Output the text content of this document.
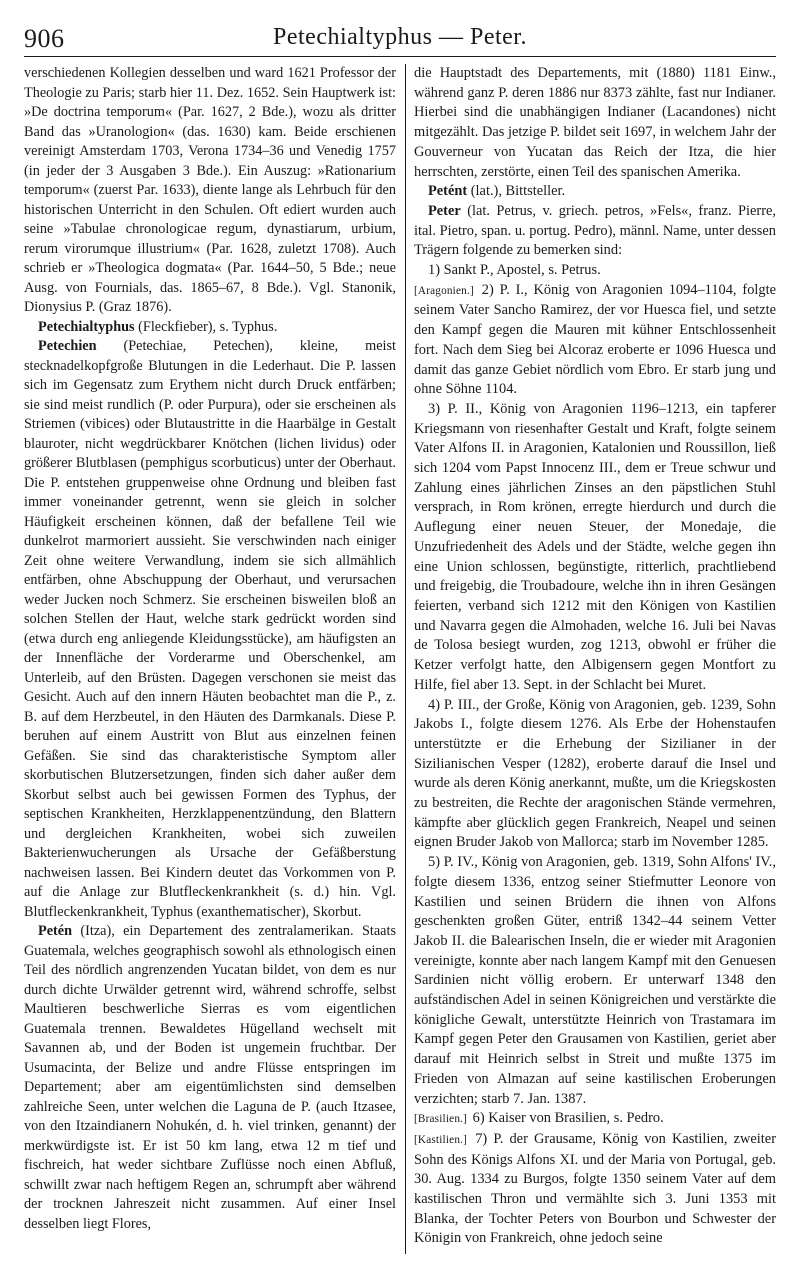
906	Petechialtyphus — Peter.

verschiedenen Kollegien desselben und ward 1621 Professor der Theologie zu Paris; starb hier 11. Dez. 1652. Sein Hauptwerk ist: »De doctrina temporum« (Par. 1627, 2 Bde.), wozu als dritter Band das »Uranologion« (das. 1630) kam. Beide erschienen vereinigt Amsterdam 1703, Verona 1734–36 und Venedig 1757 (in jeder der 3 Ausgaben 3 Bde.). Ein Auszug: »Rationarium temporum« (zuerst Par. 1633), diente lange als Lehrbuch für den historischen Unterricht in den Schulen. Oft ediert wurden auch seine »Tabulae chronologicae regum, dynastiarum, urbium, rerum virorumque illustrium« (Par. 1628, zuletzt 1708). Auch schrieb er »Theologica dogmata« (Par. 1644–50, 5 Bde.; neue Ausg. von Fournials, das. 1865–67, 8 Bde.). Vgl. Stanonik, Dionysius P. (Graz 1876).

Petechialtyphus (Fleckfieber), s. Typhus.

Petechien (Petechiae, Petechen), kleine, meist stecknadelkopfgroße Blutungen in die Lederhaut. Die P. lassen sich im Gegensatz zum Erythem nicht durch Druck entfärben; sie sind meist rundlich (P. oder Purpura), oder sie erscheinen als Striemen (vibices) oder Blutaustritte in die Haarbälge in Gestalt blauroter, nicht wegdrückbarer Knötchen (lichen lividus) oder größerer Blutblasen (pemphigus scorbuticus) unter der Oberhaut. Die P. entstehen gruppenweise ohne Ordnung und bleiben fast immer voneinander getrennt, wenn sie gleich in solcher Häufigkeit erscheinen können, daß der befallene Teil wie dunkelrot marmoriert aussieht. Sie verschwinden nach einiger Zeit ohne weitere Verwandlung, indem sie sich allmählich entfärben, ohne Abschuppung der Oberhaut, und verursachen weder Jucken noch Schmerz. Sie erscheinen bisweilen bloß an solchen Stellen der Haut, welche stark gedrückt worden sind (etwa durch eng anliegende Kleidungsstücke), am häufigsten an der Innenfläche der Vorderarme und Oberschenkel, am Unterleib, auf den Brüsten. Dagegen verschonen sie meist das Gesicht. Auch auf den innern Häuten beobachtet man die P., z. B. auf dem Herzbeutel, in den Häuten des Darmkanals. Diese P. beruhen auf einem Austritt von Blut aus einzelnen feinen Gefäßen. Sie sind das charakteristische Symptom aller skorbutischen Blutzersetzungen, finden sich daher außer dem Skorbut selbst auch bei gewissen Formen des Typhus, der septischen Krankheiten, Herzklappenentzündung, den Blattern und dergleichen Krankheiten, wobei sich zuweilen Bakterienwucherungen als Ursache der Gefäßberstung nachweisen lassen. Bei Kindern deutet das Vorkommen von P. auf die Anlage zur Blutfleckenkrankheit (s. d.) hin. Vgl. Blutfleckenkrankheit, Typhus (exanthematischer), Skorbut.

Petén (Itza), ein Departement des zentralamerikan. Staats Guatemala, welches geographisch sowohl als ethnologisch einen Teil des nördlich angrenzenden Yucatan bildet, von dem es nur durch dichte Urwälder getrennt wird, während schroffe, selbst Maultieren beschwerliche Sierras es vom eigentlichen Guatemala trennen. Bewaldetes Hügelland wechselt mit Savannen ab, und der Boden ist ungemein fruchtbar. Der Usumacinta, der Belize und andre Flüsse entspringen im Departement; aber am eigentümlichsten sind demselben zahlreiche Seen, unter welchen die Laguna de P. (auch Itzasee, von den Itzaindianern Nohukén, d. h. viel trinken, genannt) der merkwürdigste ist. Er ist 50 km lang, etwa 12 m tief und fischreich, hat weder sichtbare Zuflüsse noch einen Abfluß, schwillt zwar nach heftigem Regen an, schrumpft aber während der trocknen Jahreszeit nicht zusammen. Auf einer Insel desselben liegt Flores,

die Hauptstadt des Departements, mit (1880) 1181 Einw., während ganz P. deren 1886 nur 8373 zählte, fast nur Indianer. Hierbei sind die unabhängigen Indianer (Lacandones) nicht mitgezählt. Das jetzige P. bildet seit 1697, in welchem Jahr der Gouverneur von Yucatan das Reich der Itza, die hier herrschten, zerstörte, einen Teil des spanischen Amerika.

Petént (lat.), Bittsteller.

Peter (lat. Petrus, v. griech. petros, »Fels«, franz. Pierre, ital. Pietro, span. u. portug. Pedro), männl. Name, unter dessen Trägern folgende zu bemerken sind:

1) Sankt P., Apostel, s. Petrus.

[Aragonien.] 2) P. I., König von Aragonien 1094–1104, folgte seinem Vater Sancho Ramirez, der vor Huesca fiel, und setzte den Kampf gegen die Mauren mit kühner Entschlossenheit fort. Nach dem Sieg bei Alcoraz eroberte er 1096 Huesca und damit das ganze Gebiet nördlich vom Ebro. Er starb jung und ohne Söhne 1104.

3) P. II., König von Aragonien 1196–1213, ein tapferer Kriegsmann von riesenhafter Gestalt und Kraft, folgte seinem Vater Alfons II. in Aragonien, Katalonien und Roussillon, ließ sich 1204 vom Papst Innocenz III., dem er Treue schwur und Zahlung eines jährlichen Zinses an den päpstlichen Stuhl versprach, in Rom krönen, erregte hierdurch und durch die Auflegung einer neuen Steuer, der Monedaje, die Unzufriedenheit des Adels und der Städte, welche gegen ihn eine Union schlossen, begünstigte, ritterlich, prachtliebend und freigebig, die Troubadoure, welche ihn in ihren Gesängen feierten, verband sich 1212 mit den Königen von Kastilien und Navarra gegen die Almohaden, welche 16. Juli bei Navas de Tolosa besiegt wurden, zog 1213, obwohl er früher die Ketzer verfolgt hatte, den Albigensern gegen Montfort zu Hilfe, fiel aber 13. Sept. in der Schlacht bei Muret.

4) P. III., der Große, König von Aragonien, geb. 1239, Sohn Jakobs I., folgte diesem 1276. Als Erbe der Hohenstaufen unterstützte er die Erhebung der Sizilianer in der Sizilianischen Vesper (1282), eroberte darauf die Insel und wurde als deren König anerkannt, mußte, um die Kriegskosten zu bestreiten, die Rechte der aragonischen Stände vermehren, kämpfte aber glücklich gegen Frankreich, Neapel und seinen eignen Bruder Jakob von Mallorca; starb im November 1285.

5) P. IV., König von Aragonien, geb. 1319, Sohn Alfons' IV., folgte diesem 1336, entzog seiner Stiefmutter Leonore von Kastilien und seinen Brüdern die ihnen von Alfons geschenkten großen Güter, entriß 1342–44 seinem Vetter Jakob II. die Balearischen Inseln, die er wieder mit Aragonien vereinigte, konnte aber nach langem Kampf mit den Genuesen Sardinien nicht völlig erobern. Er unterwarf 1348 den aufständischen Adel in seinen Königreichen und verstärkte die königliche Gewalt, unterstützte Heinrich von Trastamara im Kampf gegen Peter den Grausamen von Kastilien, geriet aber darauf mit Heinrich selbst in Streit und mußte 1375 im Frieden von Almazan auf seine kastilischen Eroberungen verzichten; starb 7. Jan. 1387.

[Brasilien.] 6) Kaiser von Brasilien, s. Pedro.

[Kastilien.] 7) P. der Grausame, König von Kastilien, zweiter Sohn des Königs Alfons XI. und der Maria von Portugal, geb. 30. Aug. 1334 zu Burgos, folgte 1350 seinem Vater auf dem kastilischen Thron und vermählte sich 3. Juni 1353 mit Blanka, der Tochter Peters von Bourbon und Schwester der Königin von Frankreich, ohne jedoch seine
